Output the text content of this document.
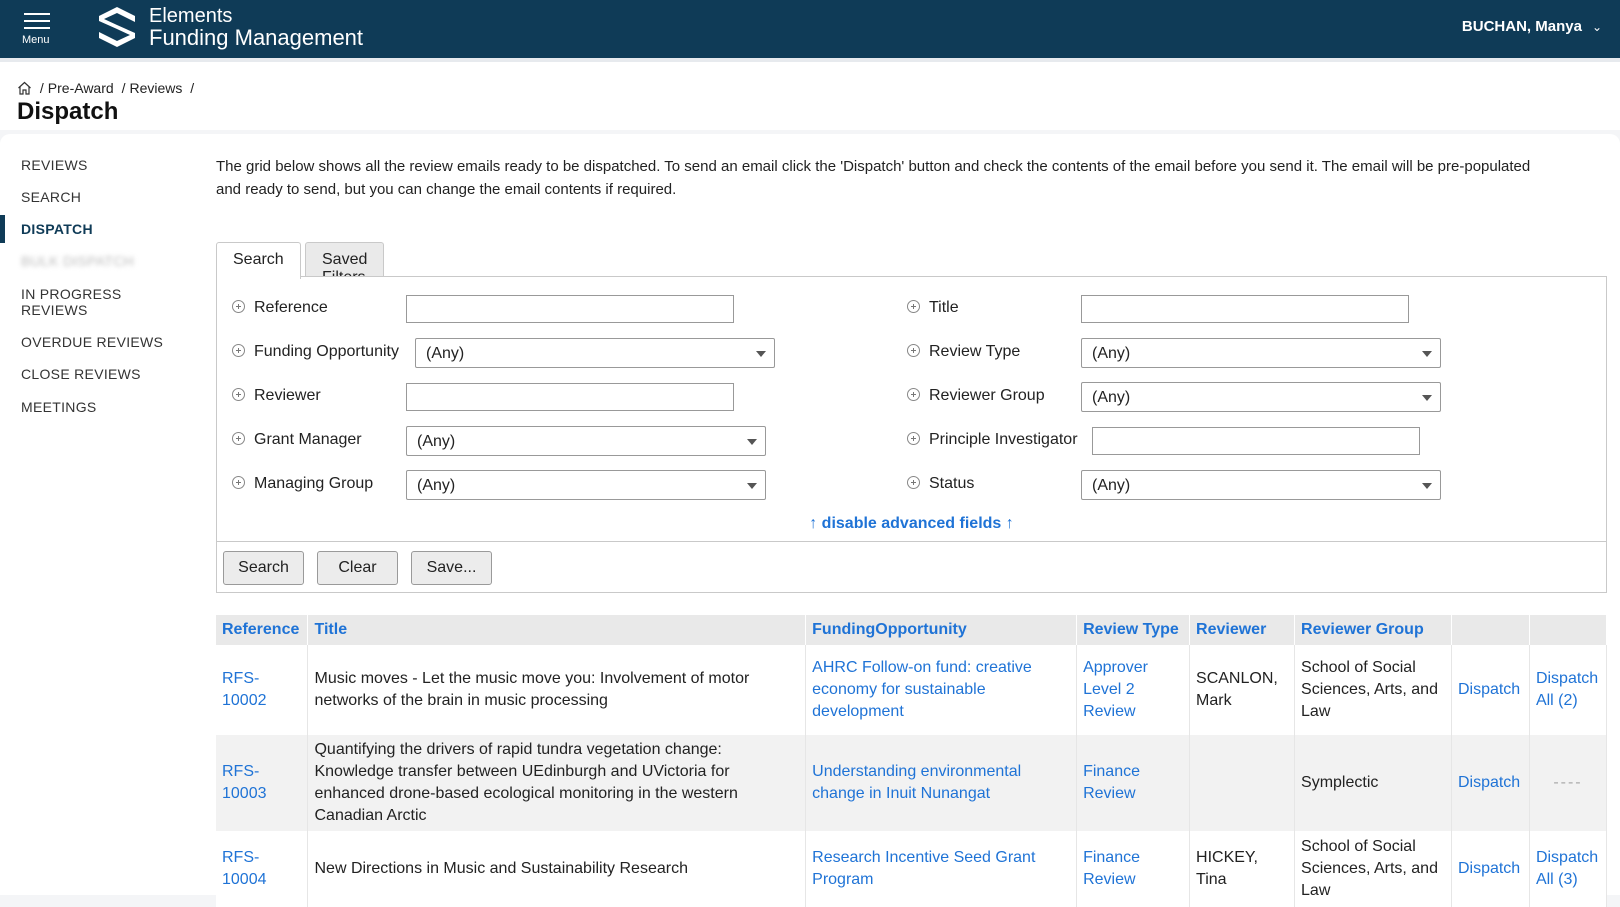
Menu
Elements
Funding Management	BUCHAN, Manya ⌄
/ Pre-Award / Reviews /
Dispatch
REVIEWS
SEARCH
DISPATCH
BULK DISPATCH
IN PROGRESS REVIEWS
OVERDUE REVIEWS
CLOSE REVIEWS
MEETINGS

The grid below shows all the review emails ready to be dispatched. To send an email click the 'Dispatch' button and check the contents of the email before you send it. The email will be pre-populated and ready to send, but you can change the email contents if required.

Search	Saved
Reference
Funding Opportunity	(Any)
Reviewer
Grant Manager	(Any)
Managing Group	(Any)
Title
Review Type	(Any)
Reviewer Group	(Any)
Principle Investigator
Status	(Any)
↑ disable advanced fields ↑
Search	Clear	Save...
Reference	Title	FundingOpportunity	Review Type	Reviewer	Reviewer Group		
RFS-10002	Music moves - Let the music move you: Involvement of motor networks of the brain in music processing	AHRC Follow-on fund: creative economy for sustainable development	Approver Level 2 Review	SCANLON, Mark	School of Social Sciences, Arts, and Law	Dispatch	Dispatch All (2)
RFS-10003	Quantifying the drivers of rapid tundra vegetation change: Knowledge transfer between UEdinburgh and UVictoria for enhanced drone-based ecological monitoring in the western Canadian Arctic	Understanding environmental change in Inuit Nunangat	Finance Review		Symplectic	Dispatch	----
RFS-10004	New Directions in Music and Sustainability Research	Research Incentive Seed Grant Program	Finance Review	HICKEY, Tina	School of Social Sciences, Arts, and Law	Dispatch	Dispatch All (3)
